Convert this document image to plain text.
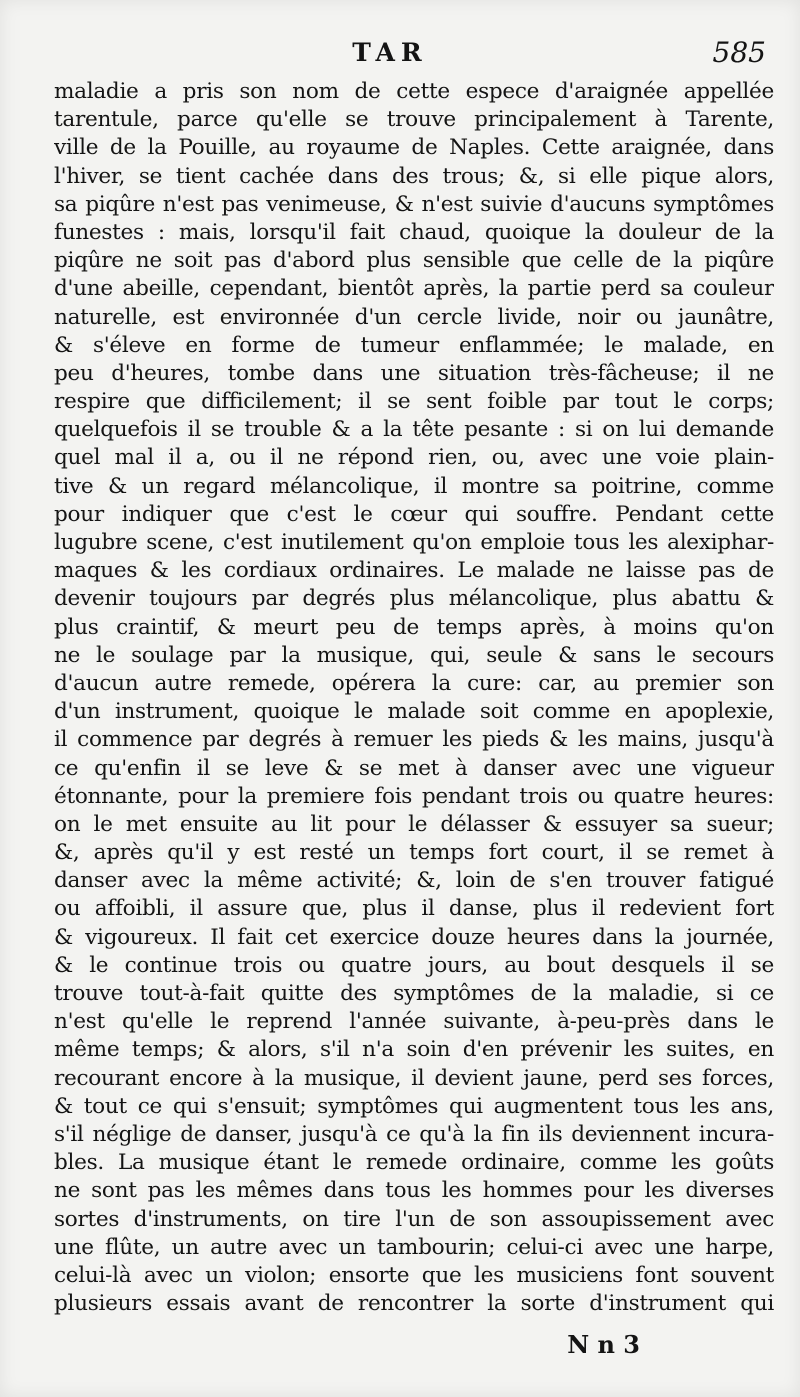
TAR	585
maladie a pris son nom de cette espece d'araignée appellée
tarentule, parce qu'elle se trouve principalement à Tarente,
ville de la Pouille, au royaume de Naples. Cette araignée, dans
l'hiver, se tient cachée dans des trous; &, si elle pique alors,
sa piqûre n'est pas venimeuse, & n'est suivie d'aucuns symptômes
funestes : mais, lorsqu'il fait chaud, quoique la douleur de la
piqûre ne soit pas d'abord plus sensible que celle de la piqûre
d'une abeille, cependant, bientôt après, la partie perd sa couleur
naturelle, est environnée d'un cercle livide, noir ou jaunâtre,
& s'éleve en forme de tumeur enflammée; le malade, en
peu d'heures, tombe dans une situation très-fâcheuse; il ne
respire que difficilement; il se sent foible par tout le corps;
quelquefois il se trouble & a la tête pesante : si on lui demande
quel mal il a, ou il ne répond rien, ou, avec une voie plain-
tive & un regard mélancolique, il montre sa poitrine, comme
pour indiquer que c'est le cœur qui souffre. Pendant cette
lugubre scene, c'est inutilement qu'on emploie tous les alexiphar-
maques & les cordiaux ordinaires. Le malade ne laisse pas de
devenir toujours par degrés plus mélancolique, plus abattu &
plus craintif, & meurt peu de temps après, à moins qu'on
ne le soulage par la musique, qui, seule & sans le secours
d'aucun autre remede, opérera la cure: car, au premier son
d'un instrument, quoique le malade soit comme en apoplexie,
il commence par degrés à remuer les pieds & les mains, jusqu'à
ce qu'enfin il se leve & se met à danser avec une vigueur
étonnante, pour la premiere fois pendant trois ou quatre heures:
on le met ensuite au lit pour le délasser & essuyer sa sueur;
&, après qu'il y est resté un temps fort court, il se remet à
danser avec la même activité; &, loin de s'en trouver fatigué
ou affoibli, il assure que, plus il danse, plus il redevient fort
& vigoureux. Il fait cet exercice douze heures dans la journée,
& le continue trois ou quatre jours, au bout desquels il se
trouve tout-à-fait quitte des symptômes de la maladie, si ce
n'est qu'elle le reprend l'année suivante, à-peu-près dans le
même temps; & alors, s'il n'a soin d'en prévenir les suites, en
recourant encore à la musique, il devient jaune, perd ses forces,
& tout ce qui s'ensuit; symptômes qui augmentent tous les ans,
s'il néglige de danser, jusqu'à ce qu'à la fin ils deviennent incura-
bles. La musique étant le remede ordinaire, comme les goûts
ne sont pas les mêmes dans tous les hommes pour les diverses
sortes d'instruments, on tire l'un de son assoupissement avec
une flûte, un autre avec un tambourin; celui-ci avec une harpe,
celui-là avec un violon; ensorte que les musiciens font souvent
plusieurs essais avant de rencontrer la sorte d'instrument qui
N n 3
